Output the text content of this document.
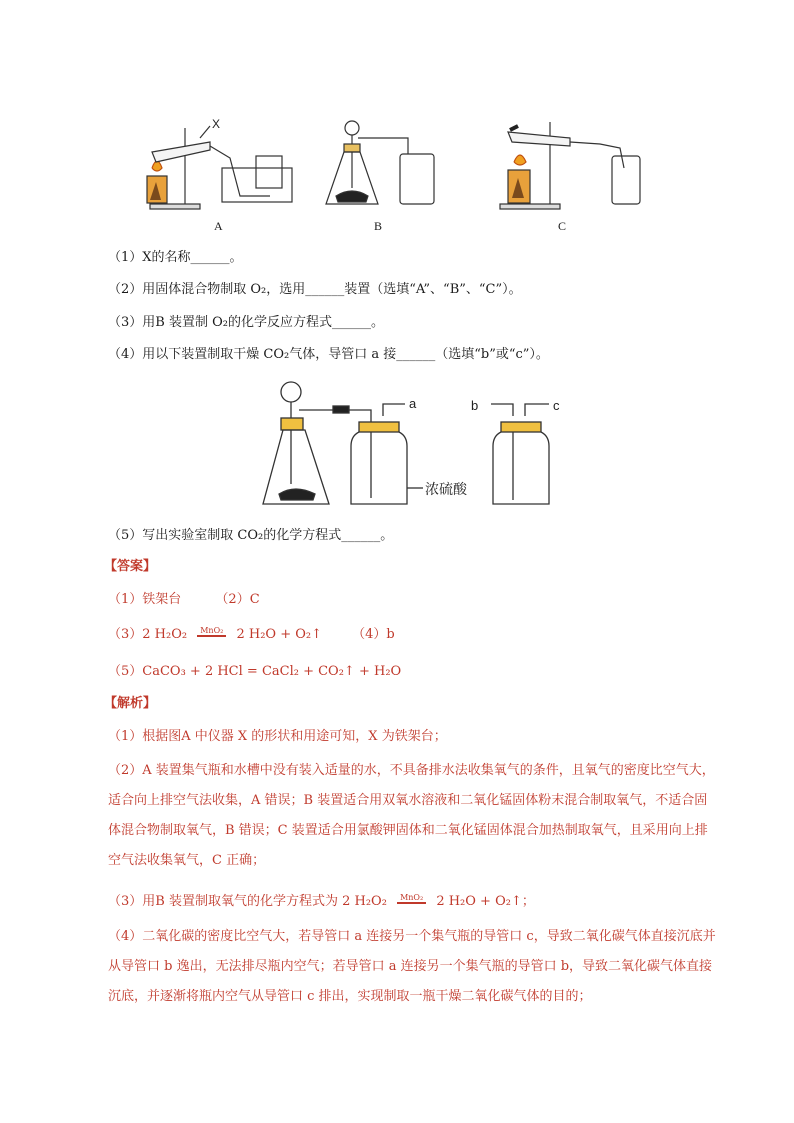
X
A	B	C
（1）X的名称______。
（2）用固体混合物制取 O₂，选用______装置（选填“A”、“B”、“C”）。
（3）用B 装置制 O₂的化学反应方程式______。
（4）用以下装置制取干燥 CO₂气体，导管口 a 接______（选填“b”或“c”）。
a	b	c
浓硫酸
（5）写出实验室制取 CO₂的化学方程式______。
【答案】
（1）铁架台	（2）C
（3）2 H₂O₂	MnO₂ 2 H₂O + O₂↑ （4）b
（5）CaCO₃ + 2 HCl = CaCl₂ + CO₂↑ + H₂O
【解析】
（1）根据图A 中仪器 X 的形状和用途可知，X 为铁架台；
（2）A 装置集气瓶和水槽中没有装入适量的水，不具备排水法收集氧气的条件，且氧气的密度比空气大，适合向上排空气法收集，A 错误；B 装置适合用双氧水溶液和二氧化锰固体粉末混合制取氧气，不适合固体混合物制取氧气，B 错误；C 装置适合用氯酸钾固体和二氧化锰固体混合加热制取氧气，且采用向上排空气法收集氧气，C 正确；
（3）用B 装置制取氧气的化学方程式为 2 H₂O₂	MnO₂ 2 H₂O + O₂↑；
（4）二氧化碳的密度比空气大，若导管口 a 连接另一个集气瓶的导管口 c，导致二氧化碳气体直接沉底并从导管口 b 逸出，无法排尽瓶内空气；若导管口 a 连接另一个集气瓶的导管口 b，导致二氧化碳气体直接沉底，并逐渐将瓶内空气从导管口 c 排出，实现制取一瓶干燥二氧化碳气体的目的；
